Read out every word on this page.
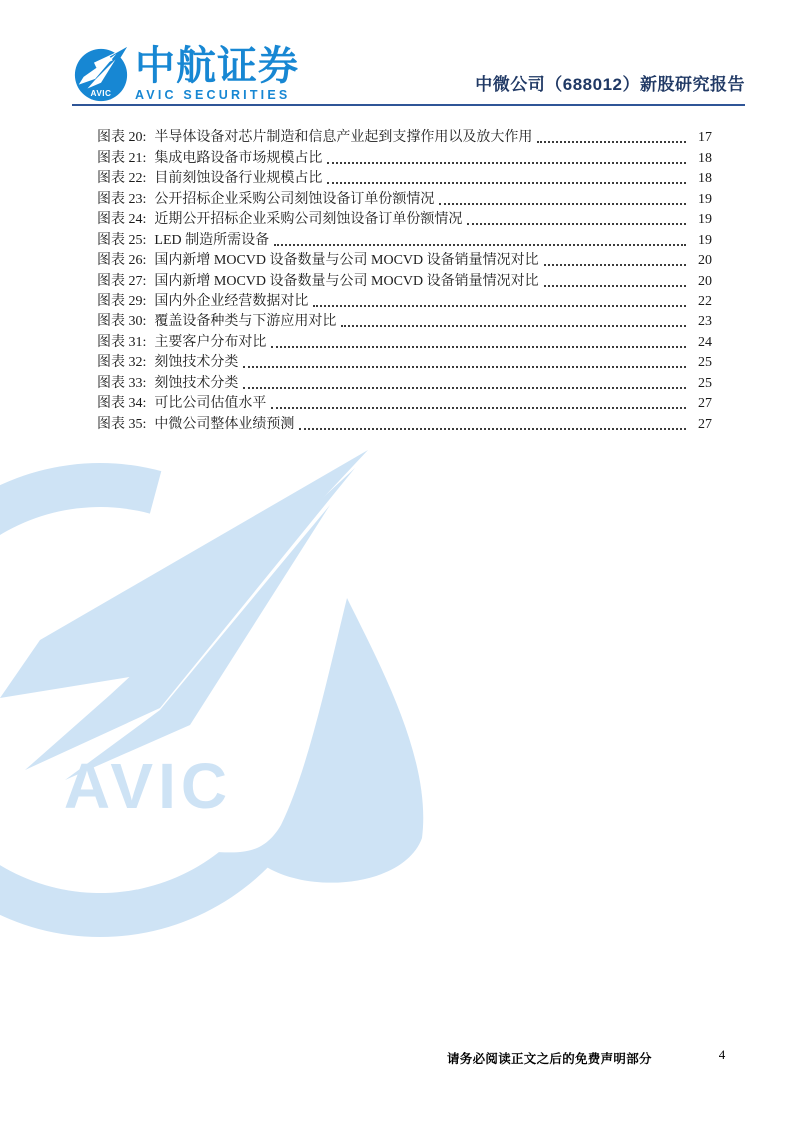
AVIC
AVIC
中航证券
AVIC SECURITIES
中微公司（688012）新股研究报告
图表 20: 半导体设备对芯片制造和信息产业起到支撑作用以及放大作用	17
图表 21: 集成电路设备市场规模占比	18
图表 22: 目前刻蚀设备行业规模占比	18
图表 23: 公开招标企业采购公司刻蚀设备订单份额情况	19
图表 24: 近期公开招标企业采购公司刻蚀设备订单份额情况	19
图表 25: LED 制造所需设备	19
图表 26: 国内新增 MOCVD 设备数量与公司 MOCVD 设备销量情况对比	20
图表 27: 国内新增 MOCVD 设备数量与公司 MOCVD 设备销量情况对比	20
图表 29: 国内外企业经营数据对比	22
图表 30: 覆盖设备种类与下游应用对比	23
图表 31: 主要客户分布对比	24
图表 32: 刻蚀技术分类	25
图表 33: 刻蚀技术分类	25
图表 34: 可比公司估值水平	27
图表 35: 中微公司整体业绩预测	27
请务必阅读正文之后的免费声明部分	4
